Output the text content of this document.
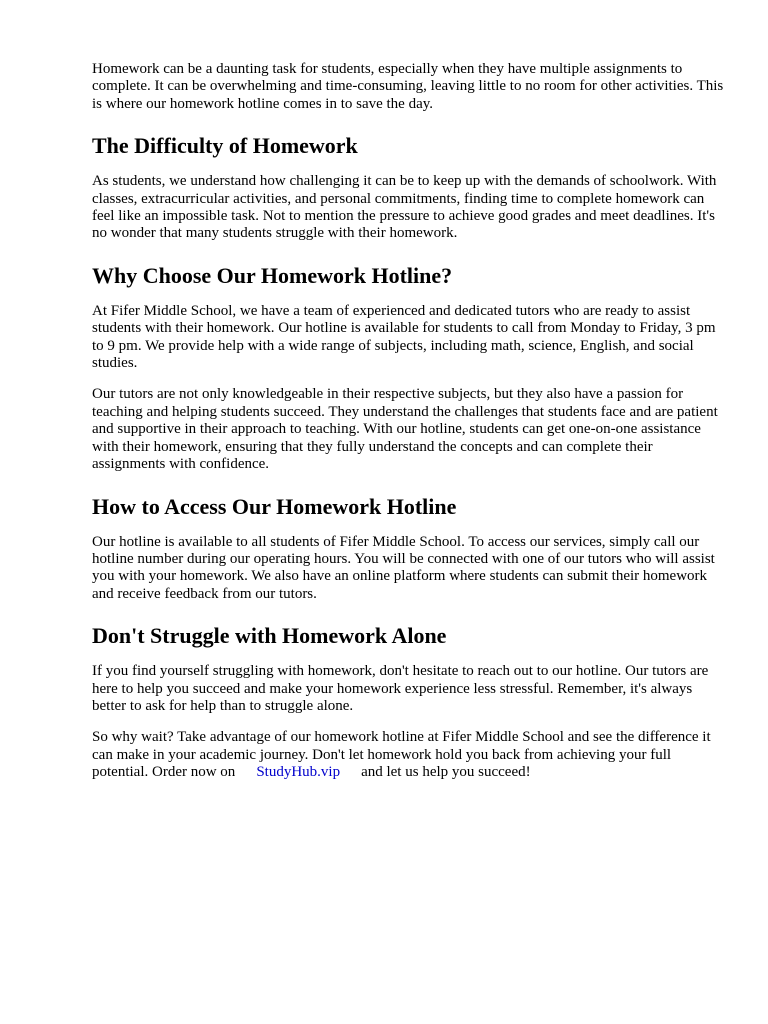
Homework can be a daunting task for students, especially when they have multiple assignments to complete. It can be overwhelming and time-consuming, leaving little to no room for other activities. This is where our homework hotline comes in to save the day.

The Difficulty of Homework

As students, we understand how challenging it can be to keep up with the demands of schoolwork. With classes, extracurricular activities, and personal commitments, finding time to complete homework can feel like an impossible task. Not to mention the pressure to achieve good grades and meet deadlines. It's no wonder that many students struggle with their homework.

Why Choose Our Homework Hotline?

At Fifer Middle School, we have a team of experienced and dedicated tutors who are ready to assist students with their homework. Our hotline is available for students to call from Monday to Friday, 3 pm to 9 pm. We provide help with a wide range of subjects, including math, science, English, and social studies.

Our tutors are not only knowledgeable in their respective subjects, but they also have a passion for teaching and helping students succeed. They understand the challenges that students face and are patient and supportive in their approach to teaching. With our hotline, students can get one-on-one assistance with their homework, ensuring that they fully understand the concepts and can complete their assignments with confidence.

How to Access Our Homework Hotline

Our hotline is available to all students of Fifer Middle School. To access our services, simply call our hotline number during our operating hours. You will be connected with one of our tutors who will assist you with your homework. We also have an online platform where students can submit their homework and receive feedback from our tutors.

Don't Struggle with Homework Alone

If you find yourself struggling with homework, don't hesitate to reach out to our hotline. Our tutors are here to help you succeed and make your homework experience less stressful. Remember, it's always better to ask for help than to struggle alone.

So why wait? Take advantage of our homework hotline at Fifer Middle School and see the difference it can make in your academic journey. Don't let homework hold you back from achieving your full potential. Order now on StudyHub.vip and let us help you succeed!
